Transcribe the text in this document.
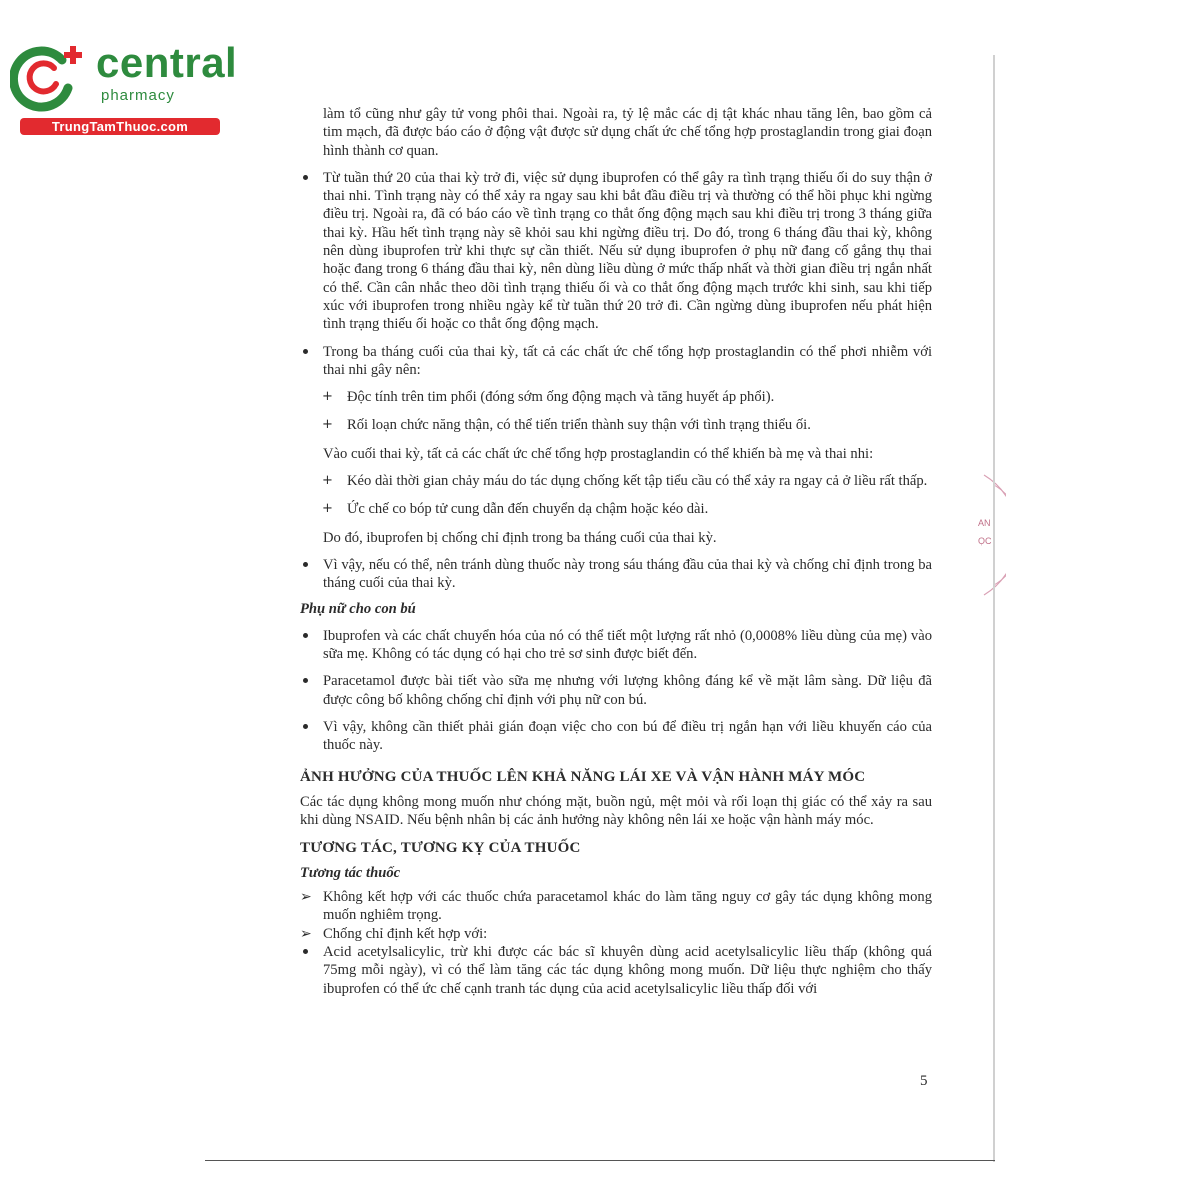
central
pharmacy
TrungTamThuoc.com
AN
ỌC

làm tổ cũng như gây tử vong phôi thai. Ngoài ra, tỷ lệ mắc các dị tật khác nhau tăng lên, bao gồm cả tim mạch, đã được báo cáo ở động vật được sử dụng chất ức chế tổng hợp prostaglandin trong giai đoạn hình thành cơ quan.

Từ tuần thứ 20 của thai kỳ trở đi, việc sử dụng ibuprofen có thể gây ra tình trạng thiếu ối do suy thận ở thai nhi. Tình trạng này có thể xảy ra ngay sau khi bắt đầu điều trị và thường có thể hồi phục khi ngừng điều trị. Ngoài ra, đã có báo cáo về tình trạng co thắt ống động mạch sau khi điều trị trong 3 tháng giữa thai kỳ. Hầu hết tình trạng này sẽ khỏi sau khi ngừng điều trị. Do đó, trong 6 tháng đầu thai kỳ, không nên dùng ibuprofen trừ khi thực sự cần thiết. Nếu sử dụng ibuprofen ở phụ nữ đang cố gắng thụ thai hoặc đang trong 6 tháng đầu thai kỳ, nên dùng liều dùng ở mức thấp nhất và thời gian điều trị ngắn nhất có thể. Cần cân nhắc theo dõi tình trạng thiếu ối và co thắt ống động mạch trước khi sinh, sau khi tiếp xúc với ibuprofen trong nhiều ngày kể từ tuần thứ 20 trở đi. Cần ngừng dùng ibuprofen nếu phát hiện tình trạng thiếu ối hoặc co thắt ống động mạch.

Trong ba tháng cuối của thai kỳ, tất cả các chất ức chế tổng hợp prostaglandin có thể phơi nhiễm với thai nhi gây nên:

+ Độc tính trên tim phổi (đóng sớm ống động mạch và tăng huyết áp phổi).

+ Rối loạn chức năng thận, có thể tiến triển thành suy thận với tình trạng thiểu ối.

Vào cuối thai kỳ, tất cả các chất ức chế tổng hợp prostaglandin có thể khiến bà mẹ và thai nhi:

+ Kéo dài thời gian chảy máu do tác dụng chống kết tập tiểu cầu có thể xảy ra ngay cả ở liều rất thấp.

+ Ức chế co bóp tử cung dẫn đến chuyển dạ chậm hoặc kéo dài.

Do đó, ibuprofen bị chống chỉ định trong ba tháng cuối của thai kỳ.

Vì vậy, nếu có thể, nên tránh dùng thuốc này trong sáu tháng đầu của thai kỳ và chống chỉ định trong ba tháng cuối của thai kỳ.

Phụ nữ cho con bú

Ibuprofen và các chất chuyển hóa của nó có thể tiết một lượng rất nhỏ (0,0008% liều dùng của mẹ) vào sữa mẹ. Không có tác dụng có hại cho trẻ sơ sinh được biết đến.

Paracetamol được bài tiết vào sữa mẹ nhưng với lượng không đáng kể về mặt lâm sàng. Dữ liệu đã được công bố không chống chỉ định với phụ nữ con bú.

Vì vậy, không cần thiết phải gián đoạn việc cho con bú để điều trị ngắn hạn với liều khuyến cáo của thuốc này.

ẢNH HƯỞNG CỦA THUỐC LÊN KHẢ NĂNG LÁI XE VÀ VẬN HÀNH MÁY MÓC

Các tác dụng không mong muốn như chóng mặt, buồn ngủ, mệt mỏi và rối loạn thị giác có thể xảy ra sau khi dùng NSAID. Nếu bệnh nhân bị các ảnh hưởng này không nên lái xe hoặc vận hành máy móc.

TƯƠNG TÁC, TƯƠNG KỴ CỦA THUỐC

Tương tác thuốc

➢ Không kết hợp với các thuốc chứa paracetamol khác do làm tăng nguy cơ gây tác dụng không mong muốn nghiêm trọng.

➢ Chống chỉ định kết hợp với:

Acid acetylsalicylic, trừ khi được các bác sĩ khuyên dùng acid acetylsalicylic liều thấp (không quá 75mg mỗi ngày), vì có thể làm tăng các tác dụng không mong muốn. Dữ liệu thực nghiệm cho thấy ibuprofen có thể ức chế cạnh tranh tác dụng của acid acetylsalicylic liều thấp đối với

5
